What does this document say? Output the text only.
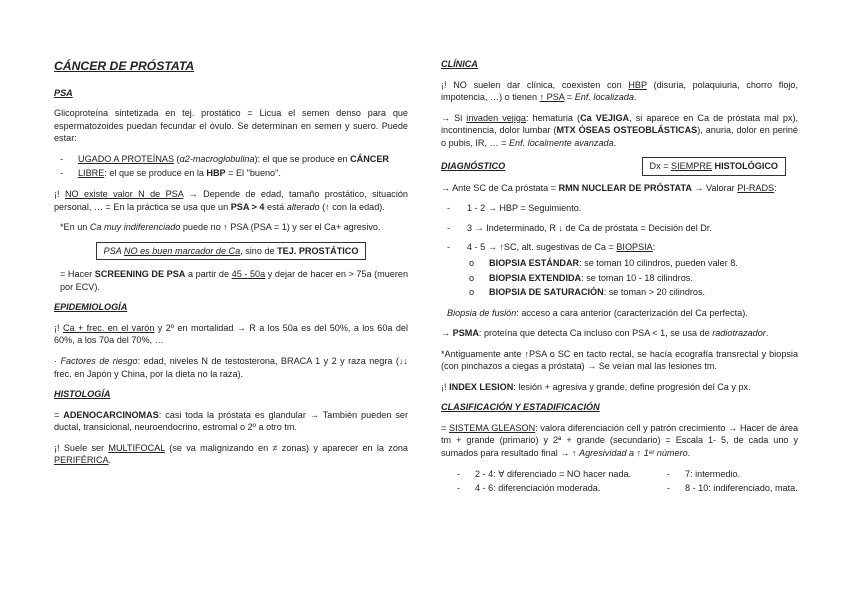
CÁNCER DE PRÓSTATA

PSA

Glicoproteína sintetizada en tej. prostático = Licua el semen denso para que espermatozoides puedan fecundar el óvulo. Se determinan en semen y suero. Puede estar:

-	UGADO A PROTEÍNAS (α2-macroglobulina): el que se produce en CÁNCER
-	LIBRE: el que se produce en la HBP = El "bueno".

¡! NO existe valor N de PSA → Depende de edad, tamaño prostático, situación personal, … = En la práctica se usa que un PSA > 4 está alterado (↑ con la edad).

*En un Ca muy indiferenciado puede no ↑ PSA (PSA = 1) y ser el Ca+ agresivo.

PSA NO es buen marcador de Ca, sino de TEJ. PROSTÁTICO

= Hacer SCREENING DE PSA a partir de 45 - 50a y dejar de hacer en > 75a (mueren por ECV).

EPIDEMIOLOGÍA

¡! Ca + frec. en el varón y 2º en mortalidad → R a los 50a es del 50%, a los 60a del 60%, a los 70a del 70%, …

· Factores de riesgo: edad, niveles N de testosterona, BRACA 1 y 2 y raza negra (↓↓ frec. en Japón y China, por la dieta no la raza).

HISTOLOGÍA

= ADENOCARCINOMAS: casi toda la próstata es glandular → También pueden ser ductal, transicional, neuroendocrino, estromal o 2º a otro tm.

¡! Suele ser MULTIFOCAL (se va malignizando en ≠ zonas) y aparecer en la zona PERIFÉRICA.

CLÍNICA

¡! NO suelen dar clínica, coexisten con HBP (disuria, polaquiuria, chorro flojo, impotencia, …) o tienen ↑ PSA = Enf. localizada.

→ Si invaden vejiga: hematuria (Ca VEJIGA, si aparece en Ca de próstata mal px), incontinencia, dolor lumbar (MTX ÓSEAS OSTEOBLÁSTICAS), anuria, dolor en periné o pubis, IR, … = Enf. localmente avanzada.

DIAGNÓSTICO	Dx = SIEMPRE HISTOLÓGICO

→ Ante SC de Ca próstata = RMN NUCLEAR DE PRÓSTATA → Valorar PI-RADS:

-	1 - 2 → HBP = Seguimiento.
-	3 → Indeterminado, R ↓ de Ca de próstata = Decisión del Dr.
-	4 - 5 → ↑SC, alt. sugestivas de Ca = BIOPSIA:
o	BIOPSIA ESTÁNDAR: se toman 10 cilindros, pueden valer 8.
o	BIOPSIA EXTENDIDA: se toman 10 - 18 cilindros.
o	BIOPSIA DE SATURACIÓN: se toman > 20 cilindros.

Biopsia de fusión: acceso a cara anterior (caracterización del Ca perfecta).

→ PSMA: proteína que detecta Ca incluso con PSA < 1, se usa de radiotrazador.

*Antiguamente ante ↑PSA o SC en tacto rectal, se hacía ecografía transrectal y biopsia (con pinchazos a ciegas a próstata) → Se veían mal las lesiones tm.

¡! INDEX LESION: lesión + agresiva y grande, define progresión del Ca y px.

CLASIFICACIÓN Y ESTADIFICACIÓN

= SISTEMA GLEASON: valora diferenciación cell y patrón crecimiento → Hacer de área tm + grande (primario) y 2ª + grande (secundario) = Escala 1- 5, de cada uno y sumados para resultado final → ↑ Agresividad a ↑ 1ᵉʳ número.

-	2 - 4: ∀ diferenciado = NO hacer nada.	-	7: intermedio.
-	4 - 6: diferenciación moderada.	-	8 - 10: indiferenciado, mata.
